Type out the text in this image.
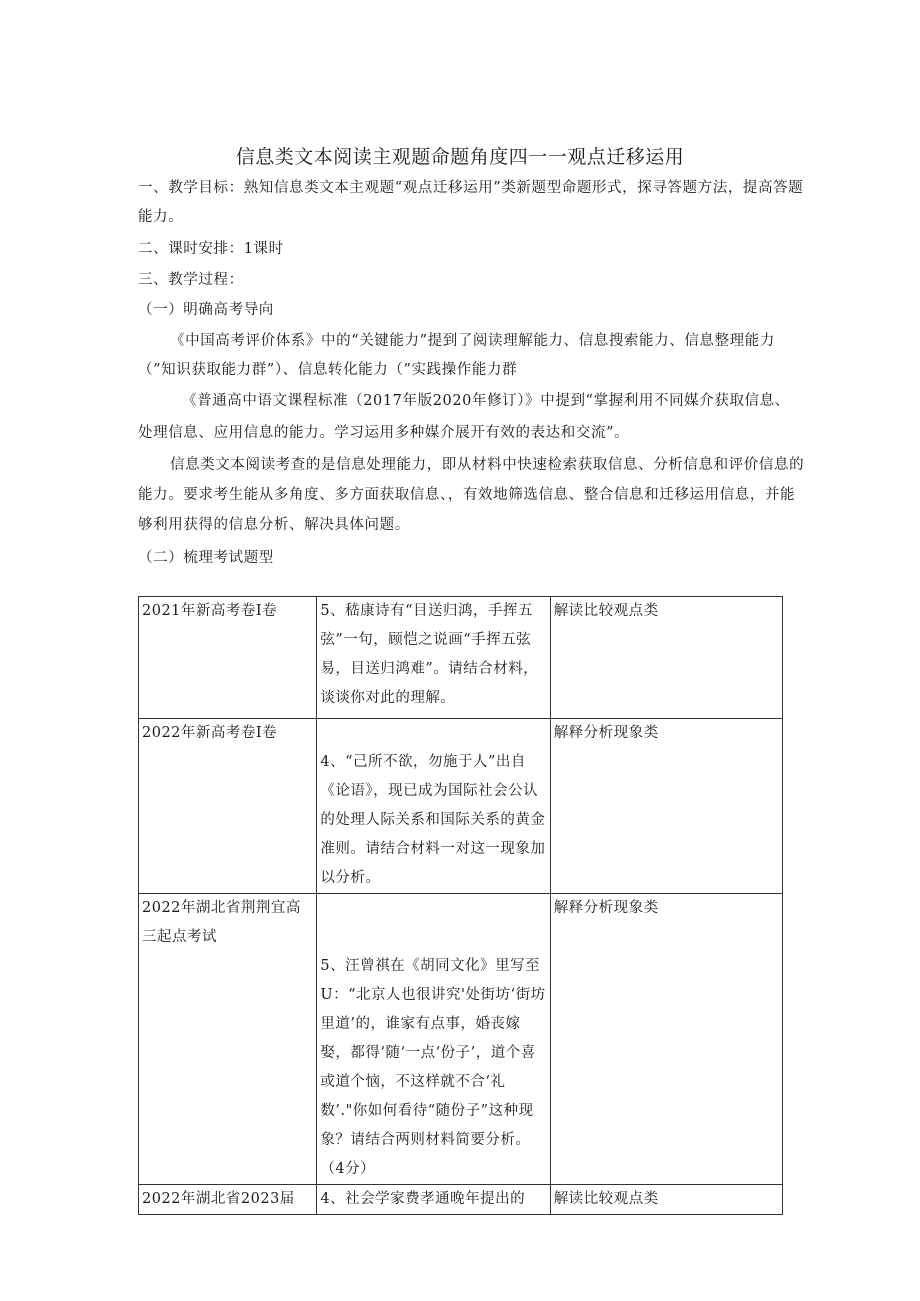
信息类文本阅读主观题命题角度四一一观点迁移运用
一、教学目标：熟知信息类文本主观题“观点迁移运用”类新题型命题形式，探寻答题方法，提高答题
能力。
二、课时安排：1课时
三、教学过程：
（一）明确高考导向
《中国高考评价体系》中的“关键能力”提到了阅读理解能力、信息搜索能力、信息整理能力
（”知识获取能力群”）、信息转化能力（”实践操作能力群
《普通高中语文课程标准（2017年版2020年修订）》中提到“掌握利用不同媒介获取信息、
处理信息、应用信息的能力。学习运用多种媒介展开有效的表达和交流”。
信息类文本阅读考查的是信息处理能力，即从材料中快速检索获取信息、分析信息和评价信息的
能力。要求考生能从多角度、多方面获取信息、，有效地筛选信息、整合信息和迁移运用信息，并能
够利用获得的信息分析、解决具体问题。
（二）梳理考试题型
2021年新高考卷Ⅰ卷	5、嵇康诗有“目送归鸿，手挥五弦”一句，顾恺之说画“手挥五弦易，目送归鸿难”。请结合材料，谈谈你对此的理解。	解读比较观点类

2022年新高考卷Ⅰ卷	4、“己所不欲，勿施于人”出自《论语》，现已成为国际社会公认的处理人际关系和国际关系的黄金准则。请结合材料一对这一现象加以分析。	解释分析现象类

2022年湖北省荆荆宜高三起点考试	5、汪曾祺在《胡同文化》里写至U：“北京人也很讲究'处街坊‘街坊里道’的，谁家有点事，婚丧嫁娶，都得‘随‘一点‘份子’，道个喜或道个恼，不这样就不合‘礼数’."你如何看待“随份子”这种现象？请结合两则材料简要分析。（4分）	解释分析现象类

2022年湖北省2023届	4、社会学家费孝通晚年提出的	解读比较观点类
